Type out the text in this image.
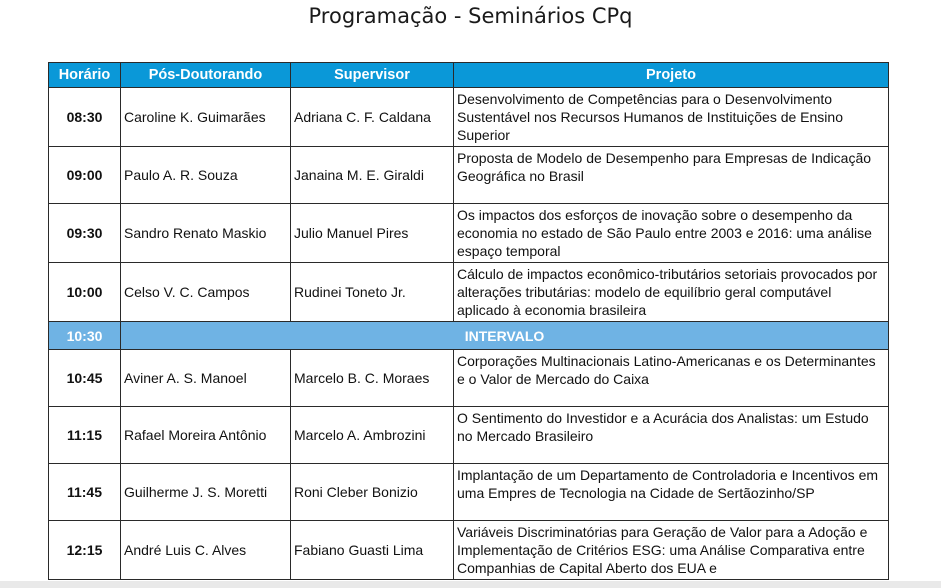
Programação - Seminários CPq
Horário	Pós-Doutorando	Supervisor	Projeto
08:30	Caroline K. Guimarães	Adriana C. F. Caldana	Desenvolvimento de Competências para o Desenvolvimento Sustentável nos Recursos Humanos de Instituições de Ensino Superior
09:00	Paulo A. R. Souza	Janaina M. E. Giraldi	Proposta de Modelo de Desempenho para Empresas de Indicação Geográfica no Brasil
09:30	Sandro Renato Maskio	Julio Manuel Pires	Os impactos dos esforços de inovação sobre o desempenho da economia no estado de São Paulo entre 2003 e 2016: uma análise espaço temporal
10:00	Celso V. C. Campos	Rudinei Toneto Jr.	Cálculo de impactos econômico-tributários setoriais provocados por alterações tributárias: modelo de equilíbrio geral computável aplicado à economia brasileira
10:30	INTERVALO		
10:45	Aviner A. S. Manoel	Marcelo B. C. Moraes	Corporações Multinacionais Latino-Americanas e os Determinantes e o Valor de Mercado do Caixa
11:15	Rafael Moreira Antônio	Marcelo A. Ambrozini	O Sentimento do Investidor e a Acurácia dos Analistas: um Estudo no Mercado Brasileiro
11:45	Guilherme J. S. Moretti	Roni Cleber Bonizio	Implantação de um Departamento de Controladoria e Incentivos em uma Empres de Tecnologia na Cidade de Sertãozinho/SP
12:15	André Luis C. Alves	Fabiano Guasti Lima	Variáveis Discriminatórias para Geração de Valor para a Adoção e Implementação de Critérios ESG: uma Análise Comparativa entre Companhias de Capital Aberto dos EUA e
